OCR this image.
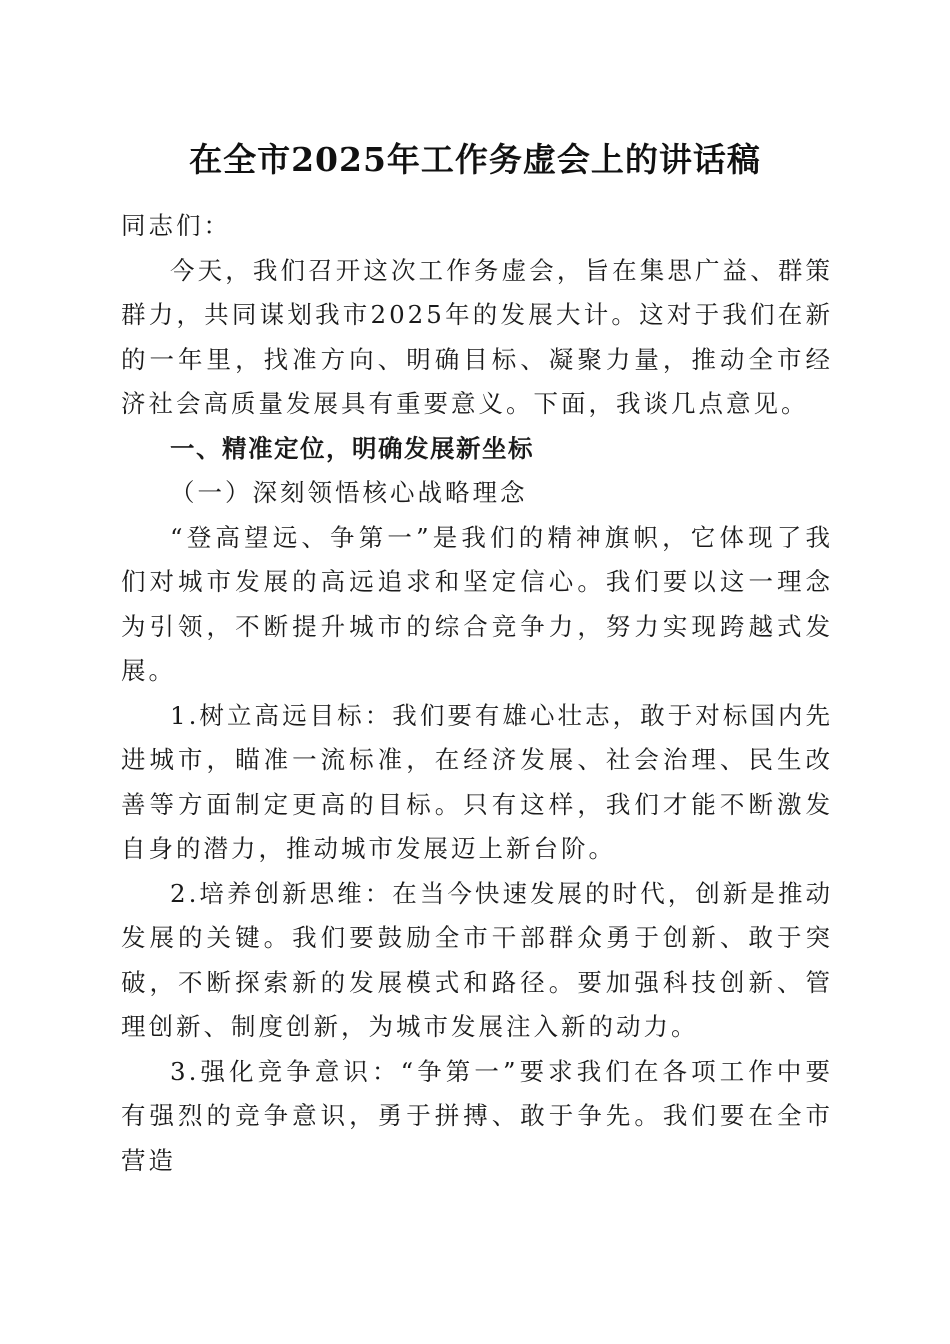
在全市2025年工作务虚会上的讲话稿

同志们：

今天，我们召开这次工作务虚会，旨在集思广益、群策群力，共同谋划我市2025年的发展大计。这对于我们在新的一年里，找准方向、明确目标、凝聚力量，推动全市经济社会高质量发展具有重要意义。下面，我谈几点意见。

一、精准定位，明确发展新坐标

（一）深刻领悟核心战略理念

“登高望远、争第一”是我们的精神旗帜，它体现了我们对城市发展的高远追求和坚定信心。我们要以这一理念为引领，不断提升城市的综合竞争力，努力实现跨越式发展。

1.树立高远目标：我们要有雄心壮志，敢于对标国内先进城市，瞄准一流标准，在经济发展、社会治理、民生改善等方面制定更高的目标。只有这样，我们才能不断激发自身的潜力，推动城市发展迈上新台阶。

2.培养创新思维：在当今快速发展的时代，创新是推动发展的关键。我们要鼓励全市干部群众勇于创新、敢于突破，不断探索新的发展模式和路径。要加强科技创新、管理创新、制度创新，为城市发展注入新的动力。

3.强化竞争意识：“争第一”要求我们在各项工作中要有强烈的竞争意识，勇于拼搏、敢于争先。我们要在全市营造
